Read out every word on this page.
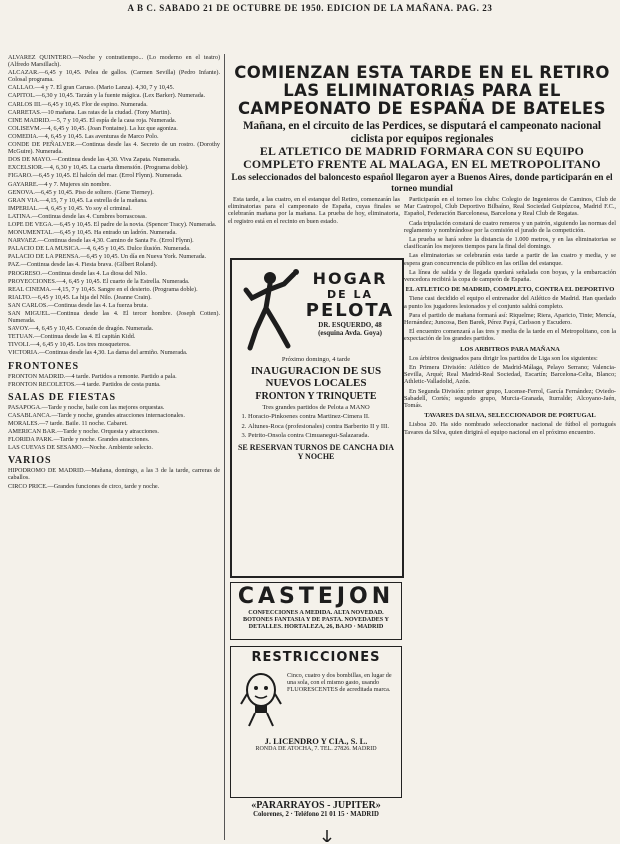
A B C. SABADO 21 DE OCTUBRE DE 1950. EDICION DE LA MAÑANA. PAG. 23

ALVAREZ QUINTERO.—Noche y contratiempo... (Lo moderno en el teatro) (Alfredo Marsillach).

ALCAZAR.—6,45 y 10,45. Pelea de gallos. (Carmen Sevilla) (Pedro Infante). Colosal programa.

CALLAO.—4 y 7. El gran Caruso. (Mario Lanza). 4,30, 7 y 10,45.

CAPITOL.—6,30 y 10,45. Tarzán y la fuente mágica. (Lex Barker). Numerada.

CARLOS III.—6,45 y 10,45. Flor de espino. Numerada.

CARRETAS.—10 mañana. Las ratas de la ciudad. (Tony Martin).

CINE MADRID.—5, 7 y 10,45. El espía de la casa roja. Numerada.

COLISEVM.—4, 6,45 y 10,45. (Joan Fontaine). La luz que agoniza.

COMEDIA.—4, 6,45 y 10,45. Las aventuras de Marco Polo.

CONDE DE PEÑALVER.—Continua desde las 4. Secreto de un rostro. (Dorothy McGuire). Numerada.

DOS DE MAYO.—Continua desde las 4,30. Viva Zapata. Numerada.

EXCELSIOR.—4, 6,30 y 10,45. La cuarta dimensión. (Programa doble).

FIGARO.—6,45 y 10,45. El halcón del mar. (Errol Flynn). Numerada.

GAYARRE.—4 y 7. Mujeres sin nombre.

GENOVA.—6,45 y 10,45. Piso de soltero. (Gene Tierney).

GRAN VIA.—4,15, 7 y 10,45. La estrella de la mañana.

IMPERIAL.—4, 6,45 y 10,45. Yo soy el criminal.

LATINA.—Continua desde las 4. Cumbres borrascosas.

LOPE DE VEGA.—6,45 y 10,45. El padre de la novia. (Spencer Tracy). Numerada.

MONUMENTAL.—6,45 y 10,45. Ha entrado un ladrón. Numerada.

NARVAEZ.—Continua desde las 4,30. Camino de Santa Fe. (Errol Flynn).

PALACIO DE LA MUSICA.—4, 6,45 y 10,45. Dulce ilusión. Numerada.

PALACIO DE LA PRENSA.—6,45 y 10,45. Un día en Nueva York. Numerada.

PAZ.—Continua desde las 4. Fiesta brava. (Gilbert Roland).

PROGRESO.—Continua desde las 4. La diosa del Nilo.

PROYECCIONES.—4, 6,45 y 10,45. El cuarto de la Estrella. Numerada.

REAL CINEMA.—4,15, 7 y 10,45. Sangre en el desierto. (Programa doble).

RIALTO.—6,45 y 10,45. La hija del Nilo. (Jeanne Crain).

SAN CARLOS.—Continua desde las 4. La fuerza bruta.

SAN MIGUEL.—Continua desde las 4. El tercer hombre. (Joseph Cotten). Numerada.

SAVOY.—4, 6,45 y 10,45. Corazón de dragón. Numerada.

TETUAN.—Continua desde las 4. El capitán Kidd.

TIVOLI.—4, 6,45 y 10,45. Los tres mosqueteros.

VICTORIA.—Continua desde las 4,30. La dama del armiño. Numerada.

FRONTONES

FRONTON MADRID.—4 tarde. Partidos a remonte. Partido a pala.

FRONTON RECOLETOS.—4 tarde. Partidos de cesta punta.

SALAS DE FIESTAS

PASAPOGA.—Tarde y noche, baile con las mejores orquestas.

CASABLANCA.—Tarde y noche, grandes atracciones internacionales.

MORALES.—7 tarde. Baile. 11 noche. Cabaret.

AMERICAN BAR.—Tarde y noche. Orquesta y atracciones.

FLORIDA PARK.—Tarde y noche. Grandes atracciones.

LAS CUEVAS DE SESAMO.—Noche. Ambiente selecto.

VARIOS

HIPODROMO DE MADRID.—Mañana, domingo, a las 3 de la tarde, carreras de caballos.

CIRCO PRICE.—Grandes funciones de circo, tarde y noche.

COMIENZAN ESTA TARDE EN EL RETIRO LAS ELIMINATORIAS PARA EL CAMPEONATO DE ESPAÑA DE BATELES
Mañana, en el circuito de las Perdices, se disputará el campeonato nacional ciclista por equipos regionales
EL ATLETICO DE MADRID FORMARA CON SU EQUIPO COMPLETO FRENTE AL MALAGA, EN EL METROPOLITANO
Los seleccionados del baloncesto español llegaron ayer a Buenos Aires, donde participarán en el torneo mundial

Esta tarde, a las cuatro, en el estanque del Retiro, comenzarán las eliminatorias para el campeonato de España, cuyas finales se celebrarán mañana por la mañana. La prueba de hoy, eliminatoria, el registro está en el recinto en buen estado.

Participarán en el torneo los clubs: Colegio de Ingenieros de Caminos, Club de Mar Castropol, Club Deportivo Bilbaíno, Real Sociedad Guipúzcoa, Madrid F.C., Español, Federación Barcelonesa, Barcelona y Real Club de Regatas.

Cada tripulación constará de cuatro remeros y un patrón, siguiendo las normas del reglamento y nombrándose por la comisión el jurado de la competición.

La prueba se hará sobre la distancia de 1.000 metros, y en las eliminatorias se clasificarán los mejores tiempos para la final del domingo.

Las eliminatorias se celebrarán esta tarde a partir de las cuatro y media, y se espera gran concurrencia de público en las orillas del estanque.

La línea de salida y de llegada quedará señalada con boyas, y la embarcación vencedora recibirá la copa de campeón de España.

EL ATLETICO DE MADRID, COMPLETO, CONTRA EL DEPORTIVO

Tiene casi decidido el equipo el entrenador del Atlético de Madrid. Han quedado a punto los jugadores lesionados y el conjunto saldrá completo.

Para el partido de mañana formará así: Riquelme; Riera, Aparicio, Tinte; Mencía, Hernández; Juncosa, Ben Barek, Pérez Payá, Carlsson y Escudero.

El encuentro comenzará a las tres y media de la tarde en el Metropolitano, con la expectación de los grandes partidos.

LOS ARBITROS PARA MAÑANA

Los árbitros designados para dirigir los partidos de Liga son los siguientes:

En Primera División: Atlético de Madrid-Málaga, Pelayo Serrano; Valencia-Sevilla, Arqué; Real Madrid-Real Sociedad, Escartín; Barcelona-Celta, Blanco; Athletic-Valladolid, Azón.

En Segunda División: primer grupo, Lucense-Ferrol, García Fernández; Oviedo-Sabadell, Cortés; segundo grupo, Murcia-Granada, Iturralde; Alcoyano-Jaén, Tomás.

TAVARES DA SILVA, SELECCIONADOR DE PORTUGAL

Lisboa 20. Ha sido nombrado seleccionador nacional de fútbol el portugués Tavares da Silva, quien dirigirá el equipo nacional en el próximo encuentro.

HOGAR
DE LA
PELOTA
DR. ESQUERDO, 48
(esquina Avda. Goya)
Próximo domingo, 4 tarde
INAUGURACION DE SUS NUEVOS LOCALES
FRONTON Y TRINQUETE
Tres grandes partidos de Pelota a MANO
1. Horacio-Pinkoenes contra Martinez-Cimera II.
2. Altunes-Roca (profesionales) contra Barberito II y III.
3. Petrito-Onsola contra Cimuanegui-Salazarada.
SE RESERVAN TURNOS DE CANCHA DIA Y NOCHE
CASTEJON
CONFECCIONES A MEDIDA. ALTA NOVEDAD. BOTONES FANTASIA Y DE PASTA. NOVEDADES Y DETALLES. HORTALEZA, 26, BAJO · MADRID
RESTRICCIONES
Cinco, cuatro y dos bombillas, en lugar de una sola, con el mismo gasto, usando FLUORESCENTES de acreditada marca.
J. LICENDRO Y CIA., S. L.
RONDA DE ATOCHA, 7. TEL. 27826. MADRID
«PARARRAYOS - JUPITER»
Colorenes, 2 · Teléfono 21 01 15 · MADRID
